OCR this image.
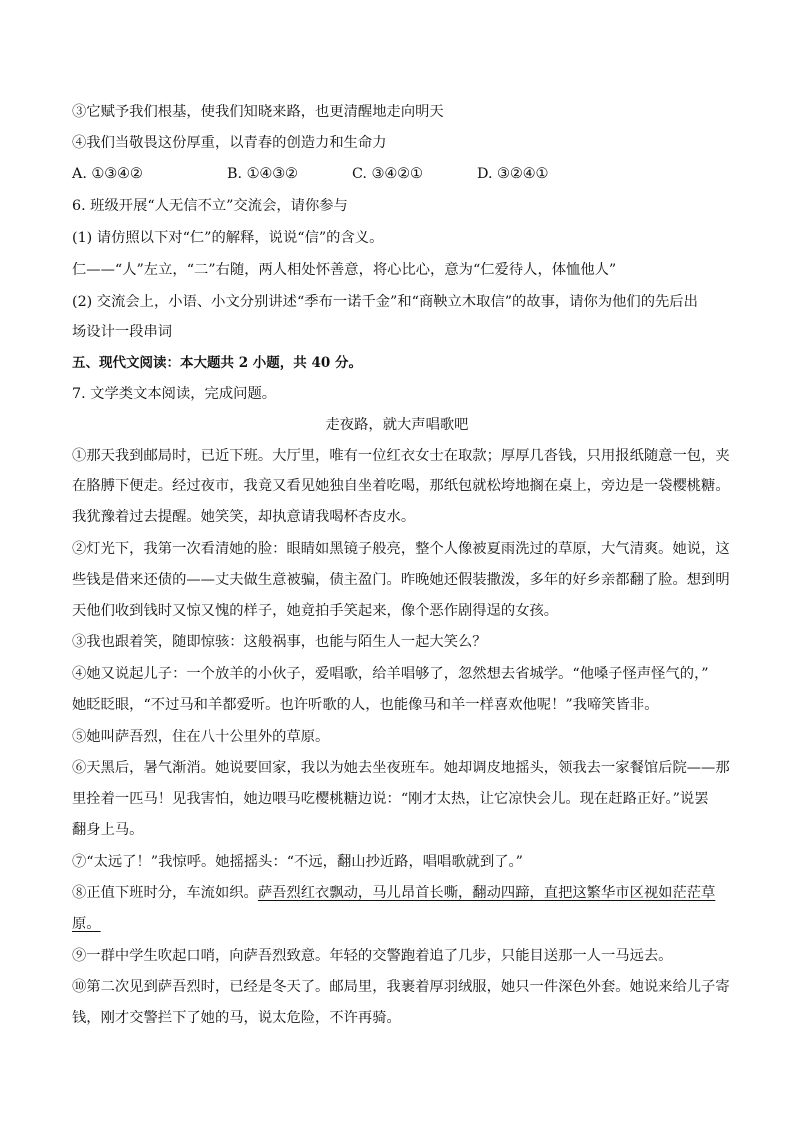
③它赋予我们根基，使我们知晓来路，也更清醒地走向明天
④我们当敬畏这份厚重，以青春的创造力和生命力
A. ①③④②	B. ①④③②	C. ③④②①	D. ③②④①
6. 班级开展“人无信不立”交流会，请你参与
(1) 请仿照以下对“仁”的解释，说说“信”的含义。
仁——“人”左立，“二”右随，两人相处怀善意，将心比心，意为“仁爱待人，体恤他人”
(2) 交流会上，小语、小文分别讲述“季布一诺千金”和“商鞅立木取信”的故事，请你为他们的先后出
场设计一段串词
五、现代文阅读：本大题共 2 小题，共 40 分。
7. 文学类文本阅读，完成问题。
走夜路，就大声唱歌吧
①那天我到邮局时，已近下班。大厅里，唯有一位红衣女士在取款；厚厚几沓钱，只用报纸随意一包，夹
在胳膊下便走。经过夜市，我竟又看见她独自坐着吃喝，那纸包就松垮地搁在桌上，旁边是一袋樱桃糖。
我犹豫着过去提醒。她笑笑，却执意请我喝杯杏皮水。
②灯光下，我第一次看清她的脸：眼睛如黑镜子般亮，整个人像被夏雨洗过的草原，大气清爽。她说，这
些钱是借来还债的——丈夫做生意被骗，债主盈门。昨晚她还假装撒泼，多年的好乡亲都翻了脸。想到明
天他们收到钱时又惊又愧的样子，她竟拍手笑起来，像个恶作剧得逞的女孩。
③我也跟着笑，随即惊骇：这般祸事，也能与陌生人一起大笑么？
④她又说起儿子：一个放羊的小伙子，爱唱歌，给羊唱够了，忽然想去省城学。“他嗓子怪声怪气的，”
她眨眨眼，“不过马和羊都爱听。也许听歌的人，也能像马和羊一样喜欢他呢！”我啼笑皆非。
⑤她叫萨吾烈，住在八十公里外的草原。
⑥天黑后，暑气渐消。她说要回家，我以为她去坐夜班车。她却调皮地摇头，领我去一家餐馆后院——那
里拴着一匹马！见我害怕，她边喂马吃樱桃糖边说：“刚才太热，让它凉快会儿。现在赶路正好。”说罢
翻身上马。
⑦“太远了！”我惊呼。她摇摇头：“不远，翻山抄近路，唱唱歌就到了。”
⑧正值下班时分，车流如织。萨吾烈红衣飘动，马儿昂首长嘶，翻动四蹄，直把这繁华市区视如茫茫草
原。
⑨一群中学生吹起口哨，向萨吾烈致意。年轻的交警跑着追了几步，只能目送那一人一马远去。
⑩第二次见到萨吾烈时，已经是冬天了。邮局里，我裹着厚羽绒服，她只一件深色外套。她说来给儿子寄
钱，刚才交警拦下了她的马，说太危险，不许再骑。
